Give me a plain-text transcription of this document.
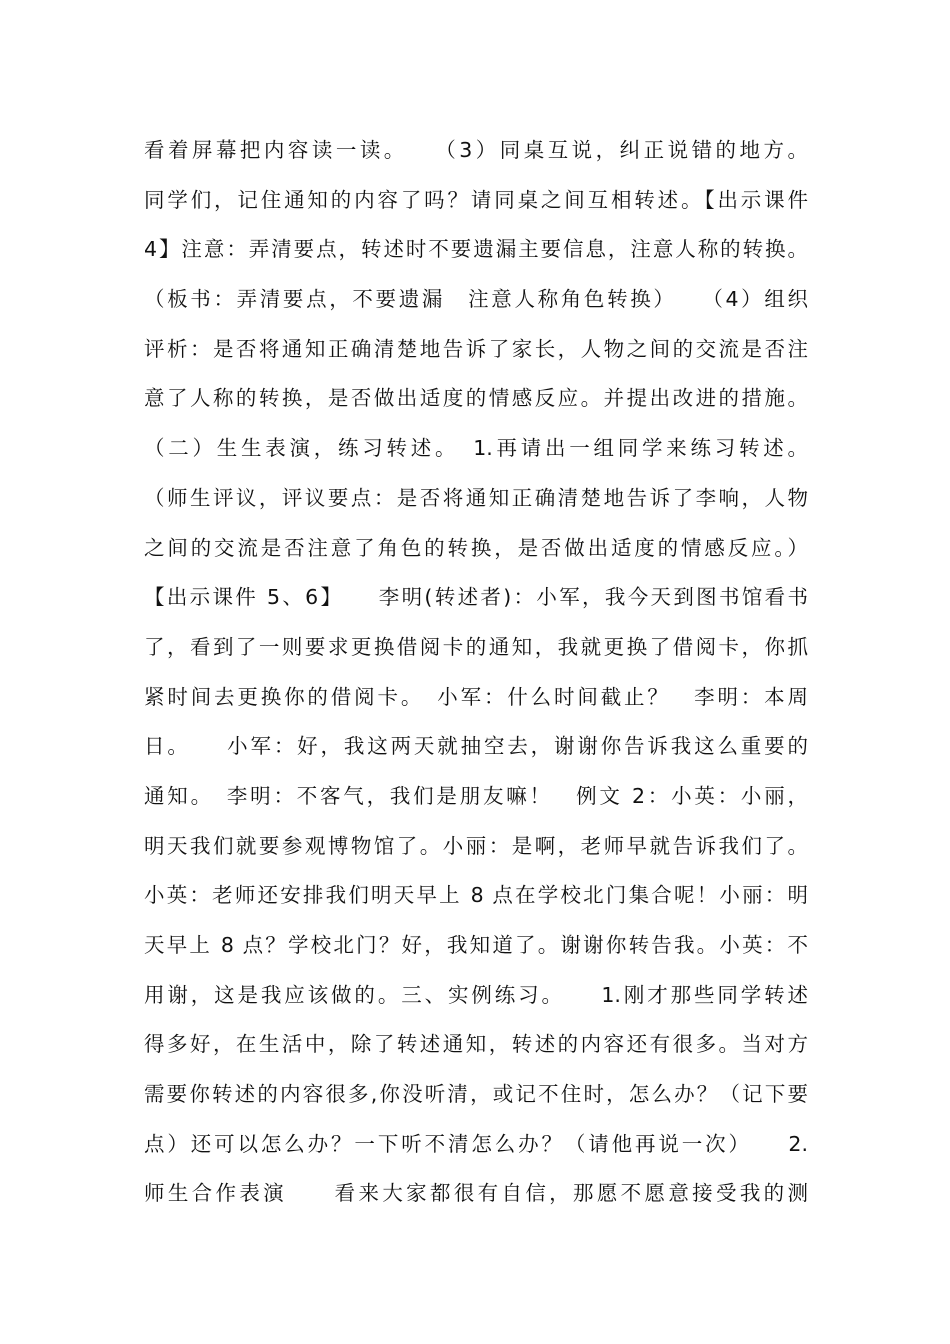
看着屏幕把内容读一读。　　（3）同桌互说，纠正说错的地方。
同学们，记住通知的内容了吗？请同桌之间互相转述。【出示课件
4】注意：弄清要点，转述时不要遗漏主要信息，注意人称的转换。
（板书：弄清要点，不要遗漏　注意人称角色转换）　　（4）组织
评析：是否将通知正确清楚地告诉了家长，人物之间的交流是否注
意了人称的转换，是否做出适度的情感反应。并提出改进的措施。
（二）生生表演，练习转述。　1.再请出一组同学来练习转述。
（师生评议，评议要点：是否将通知正确清楚地告诉了李响，人物
之间的交流是否注意了角色的转换，是否做出适度的情感反应。）
【出示课件 5、6】　　李明(转述者)：小军，我今天到图书馆看书
了，看到了一则要求更换借阅卡的通知，我就更换了借阅卡，你抓
紧时间去更换你的借阅卡。　小军：什么时间截止？　李明：本周
日。　　小军：好，我这两天就抽空去，谢谢你告诉我这么重要的
通知。　李明：不客气，我们是朋友嘛！　例文 2：小英：小丽，
明天我们就要参观博物馆了。小丽：是啊，老师早就告诉我们了。
小英：老师还安排我们明天早上 8 点在学校北门集合呢！小丽：明
天早上 8 点？学校北门？好，我知道了。谢谢你转告我。小英：不
用谢，这是我应该做的。三、实例练习。　　1.刚才那些同学转述
得多好，在生活中，除了转述通知，转述的内容还有很多。当对方
需要你转述的内容很多,你没听清，或记不住时，怎么办？（记下要
点）还可以怎么办？一下听不清怎么办？（请他再说一次）　　2.
师生合作表演　　看来大家都很有自信，那愿不愿意接受我的测
